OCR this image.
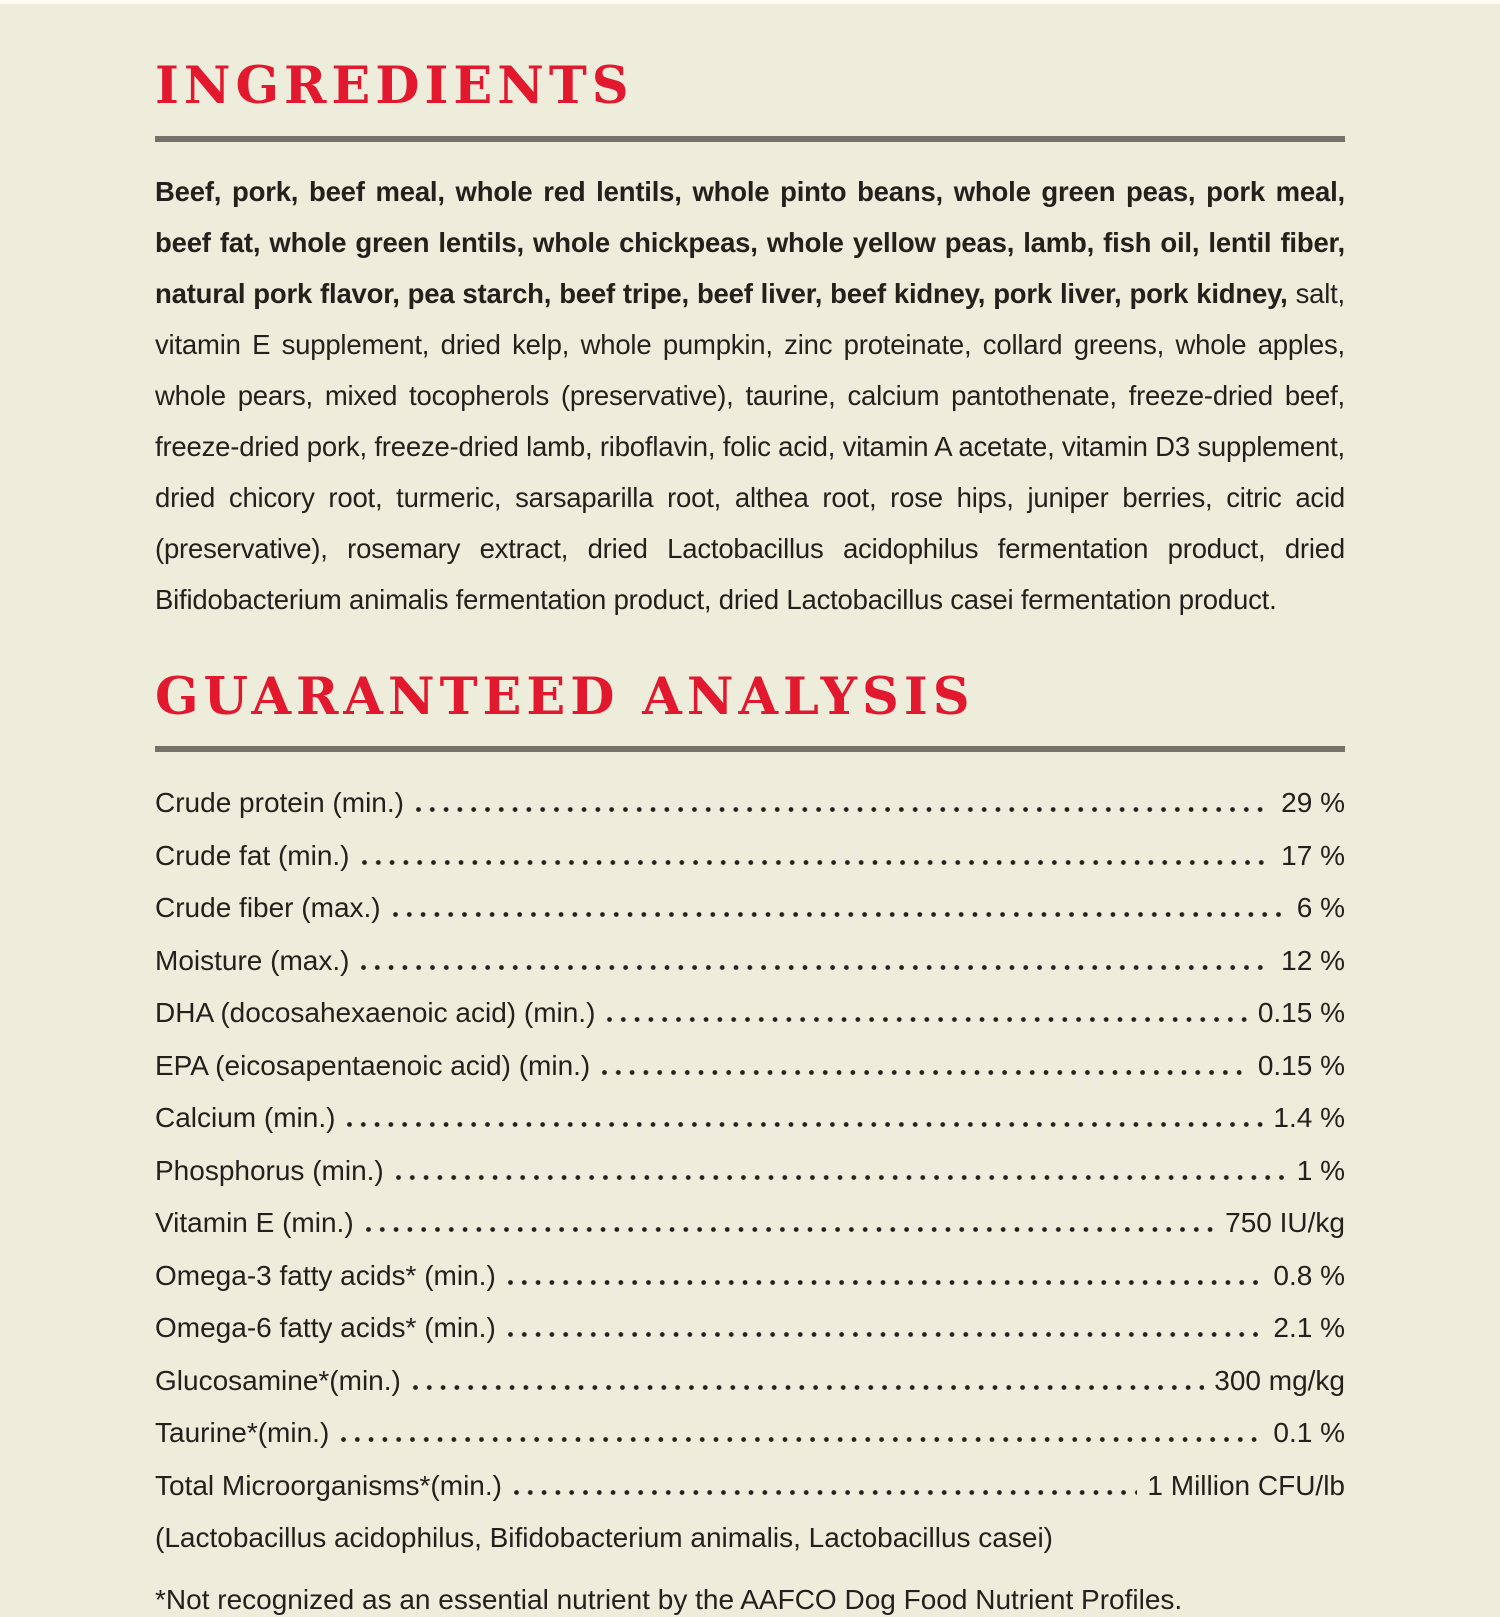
INGREDIENTS

Beef, pork, beef meal, whole red lentils, whole pinto beans, whole green peas, pork meal, beef fat, whole green lentils, whole chickpeas, whole yellow peas, lamb, fish oil, lentil fiber, natural pork flavor, pea starch, beef tripe, beef liver, beef kidney, pork liver, pork kidney, salt, vitamin E supplement, dried kelp, whole pumpkin, zinc proteinate, collard greens, whole apples, whole pears, mixed tocopherols (preservative), taurine, calcium pantothenate, freeze-dried beef, freeze-dried pork, freeze-dried lamb, riboflavin, folic acid, vitamin A acetate, vitamin D3 supplement, dried chicory root, turmeric, sarsaparilla root, althea root, rose hips, juniper berries, citric acid (preservative), rosemary extract, dried Lactobacillus acidophilus fermentation product, dried Bifidobacterium animalis fermentation product, dried Lactobacillus casei fermentation product.

GUARANTEED ANALYSIS
Crude protein (min.)	29 %
Crude fat (min.)	17 %
Crude fiber (max.)	6 %
Moisture (max.)	12 %
DHA (docosahexaenoic acid) (min.)	0.15 %
EPA (eicosapentaenoic acid) (min.)	0.15 %
Calcium (min.)	1.4 %
Phosphorus (min.)	1 %
Vitamin E (min.)	750 IU/kg
Omega-3 fatty acids* (min.)	0.8 %
Omega-6 fatty acids* (min.)	2.1 %
Glucosamine*(min.)	300 mg/kg
Taurine*(min.)	0.1 %
Total Microorganisms*(min.)	1 Million CFU/lb

(Lactobacillus acidophilus, Bifidobacterium animalis, Lactobacillus casei)

*Not recognized as an essential nutrient by the AAFCO Dog Food Nutrient Profiles.
